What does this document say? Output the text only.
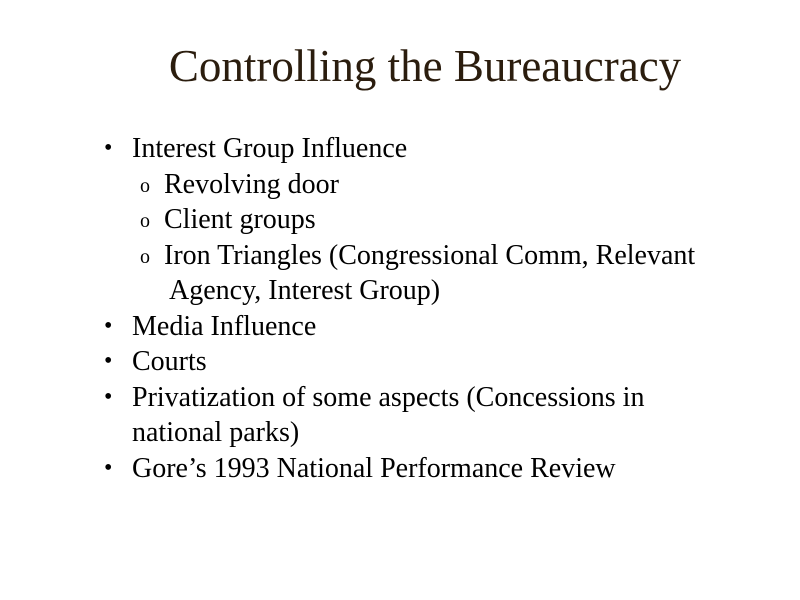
Controlling the Bureaucracy
• Interest Group Influence
o Revolving door
o Client groups
o Iron Triangles (Congressional Comm, Relevant
Agency, Interest Group)
• Media Influence
• Courts
• Privatization of some aspects (Concessions in
national parks)
• Gore’s 1993 National Performance Review
